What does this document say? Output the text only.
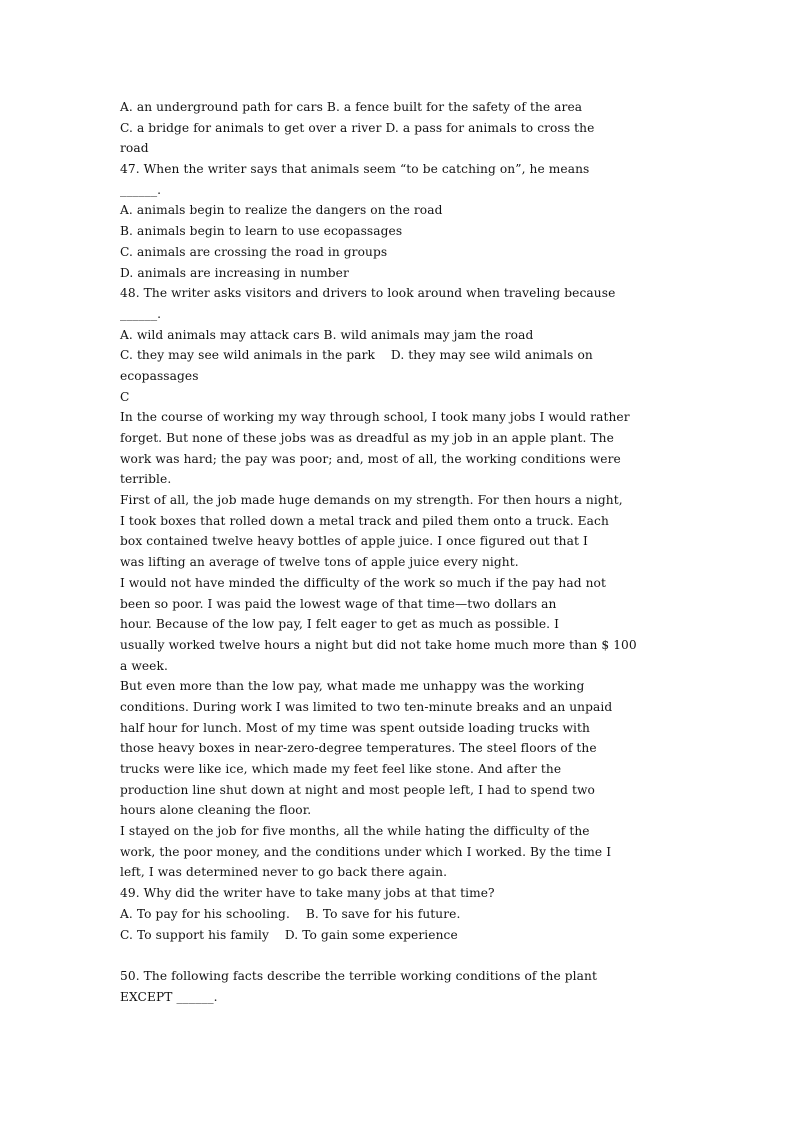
A. an underground path for cars B. a fence built for the safety of the area
C. a bridge for animals to get over a river D. a pass for animals to cross the
road
47. When the writer says that animals seem “to be catching on”, he means
______.
A. animals begin to realize the dangers on the road
B. animals begin to learn to use ecopassages
C. animals are crossing the road in groups
D. animals are increasing in number
48. The writer asks visitors and drivers to look around when traveling because
______.
A. wild animals may attack cars B. wild animals may jam the road
C. they may see wild animals in the park    D. they may see wild animals on
ecopassages
C
In the course of working my way through school, I took many jobs I would rather
forget. But none of these jobs was as dreadful as my job in an apple plant. The
work was hard; the pay was poor; and, most of all, the working conditions were
terrible.
First of all, the job made huge demands on my strength. For then hours a night,
I took boxes that rolled down a metal track and piled them onto a truck. Each
box contained twelve heavy bottles of apple juice. I once figured out that I
was lifting an average of twelve tons of apple juice every night.
I would not have minded the difficulty of the work so much if the pay had not
been so poor. I was paid the lowest wage of that time—two dollars an
hour. Because of the low pay, I felt eager to get as much as possible. I
usually worked twelve hours a night but did not take home much more than $ 100
a week.
But even more than the low pay, what made me unhappy was the working
conditions. During work I was limited to two ten-minute breaks and an unpaid
half hour for lunch. Most of my time was spent outside loading trucks with
those heavy boxes in near-zero-degree temperatures. The steel floors of the
trucks were like ice, which made my feet feel like stone. And after the
production line shut down at night and most people left, I had to spend two
hours alone cleaning the floor.
I stayed on the job for five months, all the while hating the difficulty of the
work, the poor money, and the conditions under which I worked. By the time I
left, I was determined never to go back there again.
49. Why did the writer have to take many jobs at that time?
A. To pay for his schooling.    B. To save for his future.
C. To support his family    D. To gain some experience
50. The following facts describe the terrible working conditions of the plant
EXCEPT ______.
